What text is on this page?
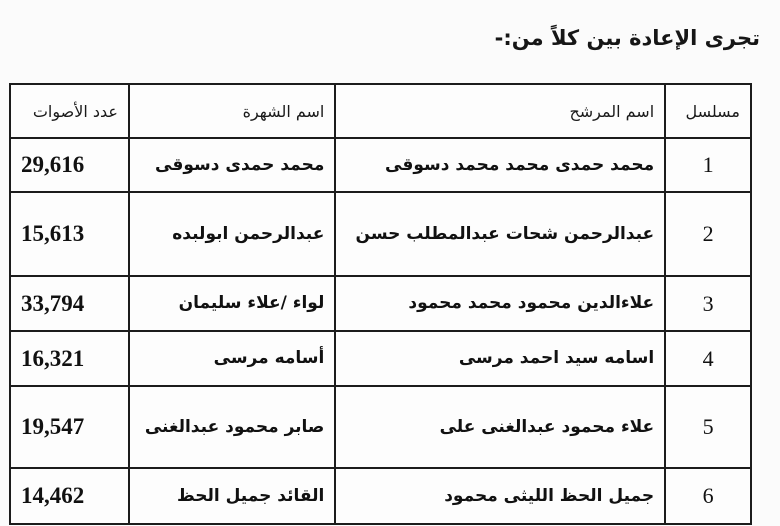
تجرى الإعادة بين كلاً من:-
مسلسل	اسم المرشح	اسم الشهرة	عدد الأصوات
1	محمد حمدى محمد محمد دسوقى	محمد حمدى دسوقى	29,616
2	عبدالرحمن شحات عبدالمطلب حسن	عبدالرحمن ابولبده	15,613
3	علاءالدين محمود محمد محمود	لواء /علاء سليمان	33,794
4	اسامه سيد احمد مرسى	أسامه مرسى	16,321
5	علاء محمود عبدالغنى على	صابر محمود عبدالغنى	19,547
6	جميل الحظ الليثى محمود	القائد جميل الحظ	14,462
